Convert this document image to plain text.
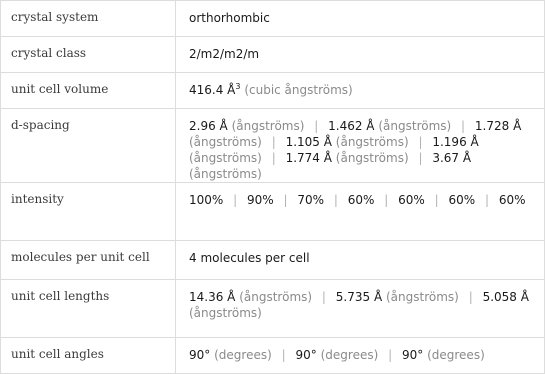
crystal system	orthorhombic
crystal class	2/m2/m2/m
unit cell volume	416.4 $Å^3$ (cubic ångströms)
d-spacing	2.96 Å (ångströms) | 1.462 Å (ångströms) | 1.728 Å (ångströms) | 1.105 Å (ångströms) | 1.196 Å (ångströms) | 1.774 Å (ångströms) | 3.67 Å (ångströms)
intensity	100% | 90% | 70% | 60% | 60% | 60% | 60%
molecules per unit cell	4 molecules per cell
unit cell lengths	14.36 Å (ångströms) | 5.735 Å (ångströms) | 5.058 Å (ångströms)
unit cell angles	90° (degrees) | 90° (degrees) | 90° (degrees)
